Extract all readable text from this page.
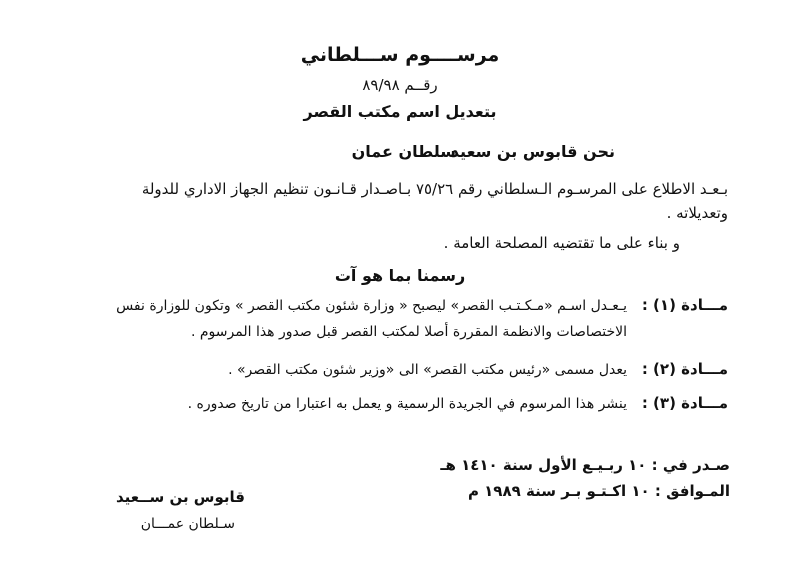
مرســــوم ســـلطاني
رقــم ٨٩/٩٨
بتعديل اسم مكتب القصر
نحن قابوس بن سعيد
سلطان عمان
بـعـد الاطلاع على المرسـوم الـسلطاني رقم ٧٥/٢٦ بـاصـدار قـانـون تنظيم الجهاز الاداري للدولة
وتعديلاته .
و بناء على ما تقتضيه المصلحة العامة .
رسمنا بما هو آت
مـــادة (١) :
يـعـدل اسـم «مـكـتـب القصر» ليصبح « وزارة شئون مكتب القصر » وتكون للوزارة نفس
الاختصاصات والانظمة المقررة أصلا لمكتب القصر قبل صدور هذا المرسوم .
مـــادة (٢) :
يعدل مسمى «رئيس مكتب القصر» الى «وزير شئون مكتب القصر» .
مـــادة (٣) :
ينشر هذا المرسوم في الجريدة الرسمية و يعمل به اعتبارا من تاريخ صدوره .
صـدر في : ١٠ ربـيـع الأول سنة ١٤١٠ هـ
المـوافق : ١٠ اكـتـو بـر سنة ١٩٨٩ م
قابوس بن ســعيد
سـلطان عمـــان
